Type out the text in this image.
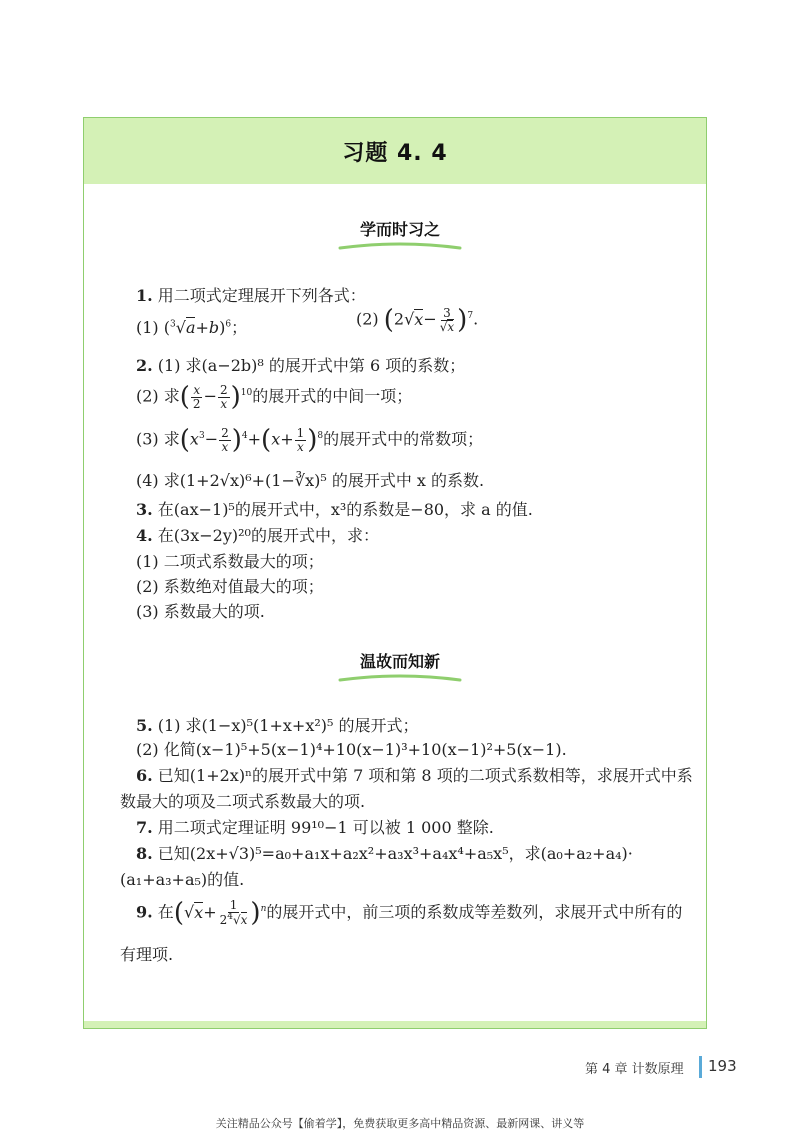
习题 4. 4
学而时习之
1. 用二项式定理展开下列各式：
(1) $(^3√a+b)^6$；	(2) $(2√x- \frac{3}{√x} )^7$.
2. (1) 求(a−2b)⁸ 的展开式中第 6 项的系数；
(2) 求( $\frac{x}{2} - \frac{2}{x} )^{10}$的展开式的中间一项；
(3) 求$(x^3- \frac{2}{x} )^4+(x+ \frac{1}{x} )^8$的展开式中的常数项；
(4) 求(1+2√x)⁶+(1−∛x)⁵ 的展开式中 x 的系数.
3. 在(ax−1)⁵的展开式中，x³的系数是−80，求 a 的值.
4. 在(3x−2y)²⁰的展开式中，求：
(1) 二项式系数最大的项；
(2) 系数绝对值最大的项；
(3) 系数最大的项.
温故而知新
5. (1) 求(1−x)⁵(1+x+x²)⁵ 的展开式；
(2) 化简(x−1)⁵+5(x−1)⁴+10(x−1)³+10(x−1)²+5(x−1).
6. 已知(1+2x)ⁿ的展开式中第 7 项和第 8 项的二项式系数相等，求展开式中系
数最大的项及二项式系数最大的项.
7. 用二项式定理证明 99¹⁰−1 可以被 1 000 整除.
8. 已知(2x+√3)⁵=a₀+a₁x+a₂x²+a₃x³+a₄x⁴+a₅x⁵，求(a₀+a₂+a₄)·
(a₁+a₃+a₅)的值.
9. 在$(√x+ \frac{1}{2^4√x} )^n$的展开式中，前三项的系数成等差数列，求展开式中所有的
有理项.
第 4 章 计数原理 193
关注精品公众号【偷着学】，免费获取更多高中精品资源、最新网课、讲义等
